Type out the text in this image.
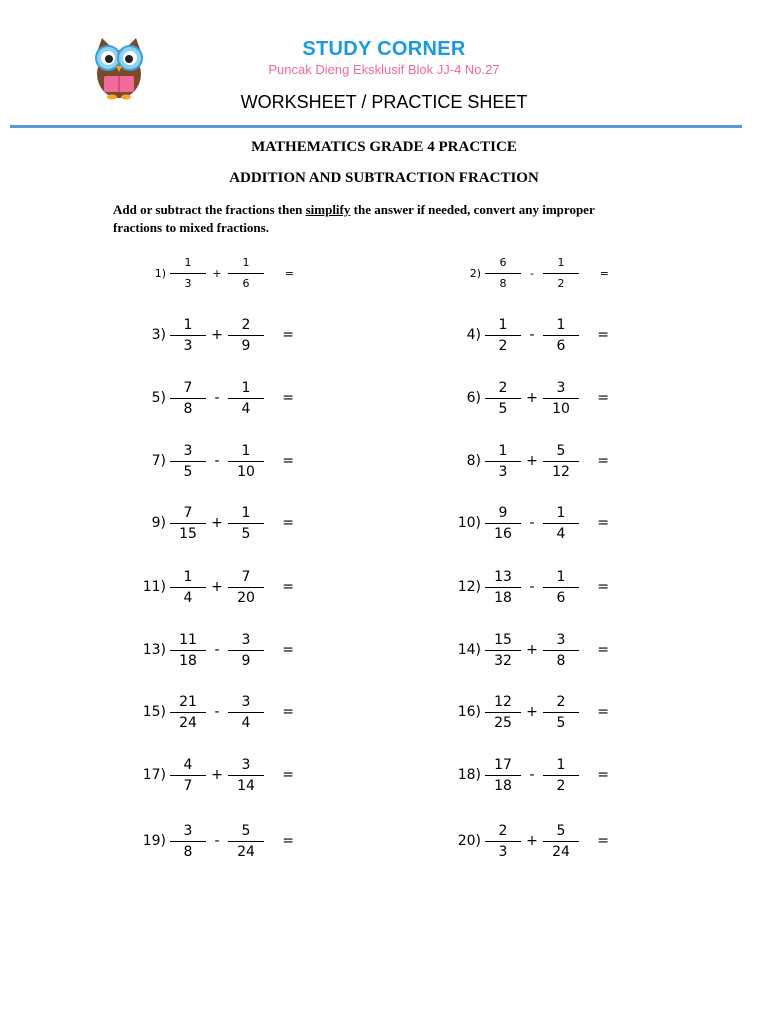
STUDY CORNER
Puncak Dieng Eksklusif Blok JJ-4 No.27
WORKSHEET / PRACTICE SHEET
MATHEMATICS GRADE 4 PRACTICE
ADDITION AND SUBTRACTION FRACTION
Add or subtract the fractions then simplify the answer if needed, convert any improper fractions to mixed fractions.
$1) \frac{1}{3} + \frac{1}{6}$	=	$2) \frac{6}{8} - \frac{1}{2}$	=
$3) \frac{1}{3} + \frac{2}{9}$	=	$4) \frac{1}{2} - \frac{1}{6}$	=
$5) \frac{7}{8} - \frac{1}{4}$	=	$6) \frac{2}{5} + \frac{3}{10}$	=
$7) \frac{3}{5} - \frac{1}{10}$	=	$8) \frac{1}{3} + \frac{5}{12}$	=
$9) \frac{7}{15} + \frac{1}{5}$	=	$10) \frac{9}{16} - \frac{1}{4}$	=
$11) \frac{1}{4} + \frac{7}{20}$	=	$12) \frac{13}{18} - \frac{1}{6}$	=
$13) \frac{11}{18} - \frac{3}{9}$	=	$14) \frac{15}{32} + \frac{3}{8}$	=
$15) \frac{21}{24} - \frac{3}{4}$	=	$16) \frac{12}{25} + \frac{2}{5}$	=
$17) \frac{4}{7} + \frac{3}{14}$	=	$18) \frac{17}{18} - \frac{1}{2}$	=
$19) \frac{3}{8} - \frac{5}{24}$	=	$20) \frac{2}{3} + \frac{5}{24}$	=
